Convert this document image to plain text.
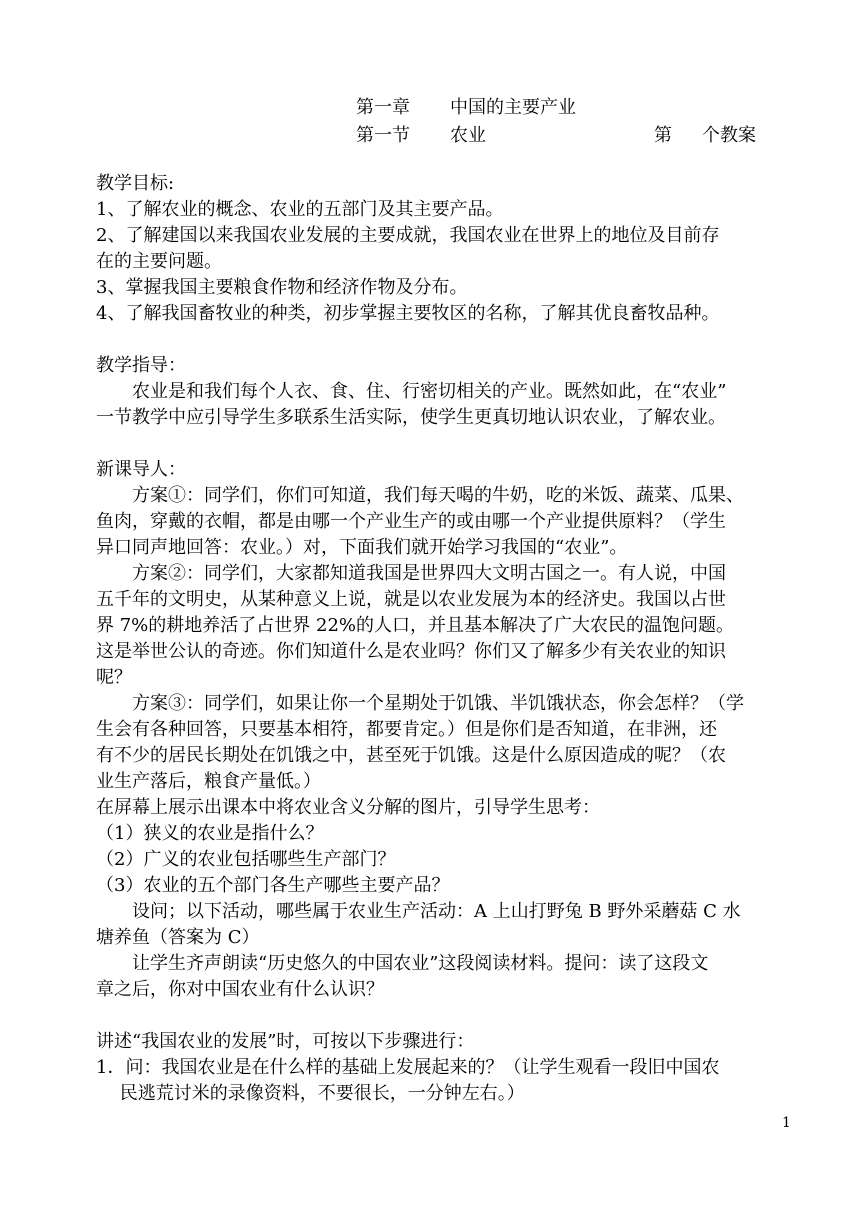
第一章 中国的主要产业
第一节 农业	第 个教案
教学目标:
1、了解农业的概念、农业的五部门及其主要产品。
2、了解建国以来我国农业发展的主要成就，我国农业在世界上的地位及目前存
在的主要问题。
3、掌握我国主要粮食作物和经济作物及分布。
4、了解我国畜牧业的种类，初步掌握主要牧区的名称，了解其优良畜牧品种。
教学指导：
　　农业是和我们每个人衣、食、住、行密切相关的产业。既然如此，在“农业”
一节教学中应引导学生多联系生活实际，使学生更真切地认识农业，了解农业。
新课导人：
　　方案①：同学们，你们可知道，我们每天喝的牛奶，吃的米饭、蔬菜、瓜果、
鱼肉，穿戴的衣帽，都是由哪一个产业生产的或由哪一个产业提供原料？（学生
异口同声地回答：农业。）对，下面我们就开始学习我国的“农业”。
　　方案②：同学们，大家都知道我国是世界四大文明古国之一。有人说，中国
五千年的文明史，从某种意义上说，就是以农业发展为本的经济史。我国以占世
界 7%的耕地养活了占世界 22%的人口，并且基本解决了广大农民的温饱问题。
这是举世公认的奇迹。你们知道什么是农业吗？你们又了解多少有关农业的知识
呢？
　　方案③：同学们，如果让你一个星期处于饥饿、半饥饿状态，你会怎样？（学
生会有各种回答，只要基本相符，都要肯定。）但是你们是否知道，在非洲，还
有不少的居民长期处在饥饿之中，甚至死于饥饿。这是什么原因造成的呢？（农
业生产落后，粮食产量低。）
在屏幕上展示出课本中将农业含义分解的图片，引导学生思考：
（1）狭义的农业是指什么？
（2）广义的农业包括哪些生产部门？
（3）农业的五个部门各生产哪些主要产品？
　　设问；以下活动，哪些属于农业生产活动：A 上山打野兔 B 野外采蘑菇 C 水
塘养鱼（答案为 C）
　　让学生齐声朗读“历史悠久的中国农业”这段阅读材料。提问：读了这段文
章之后，你对中国农业有什么认识？
讲述“我国农业的发展”时，可按以下步骤进行：
1．问：我国农业是在什么样的基础上发展起来的？（让学生观看一段旧中国农
　 民逃荒讨米的录像资料，不要很长，一分钟左右。）
1
